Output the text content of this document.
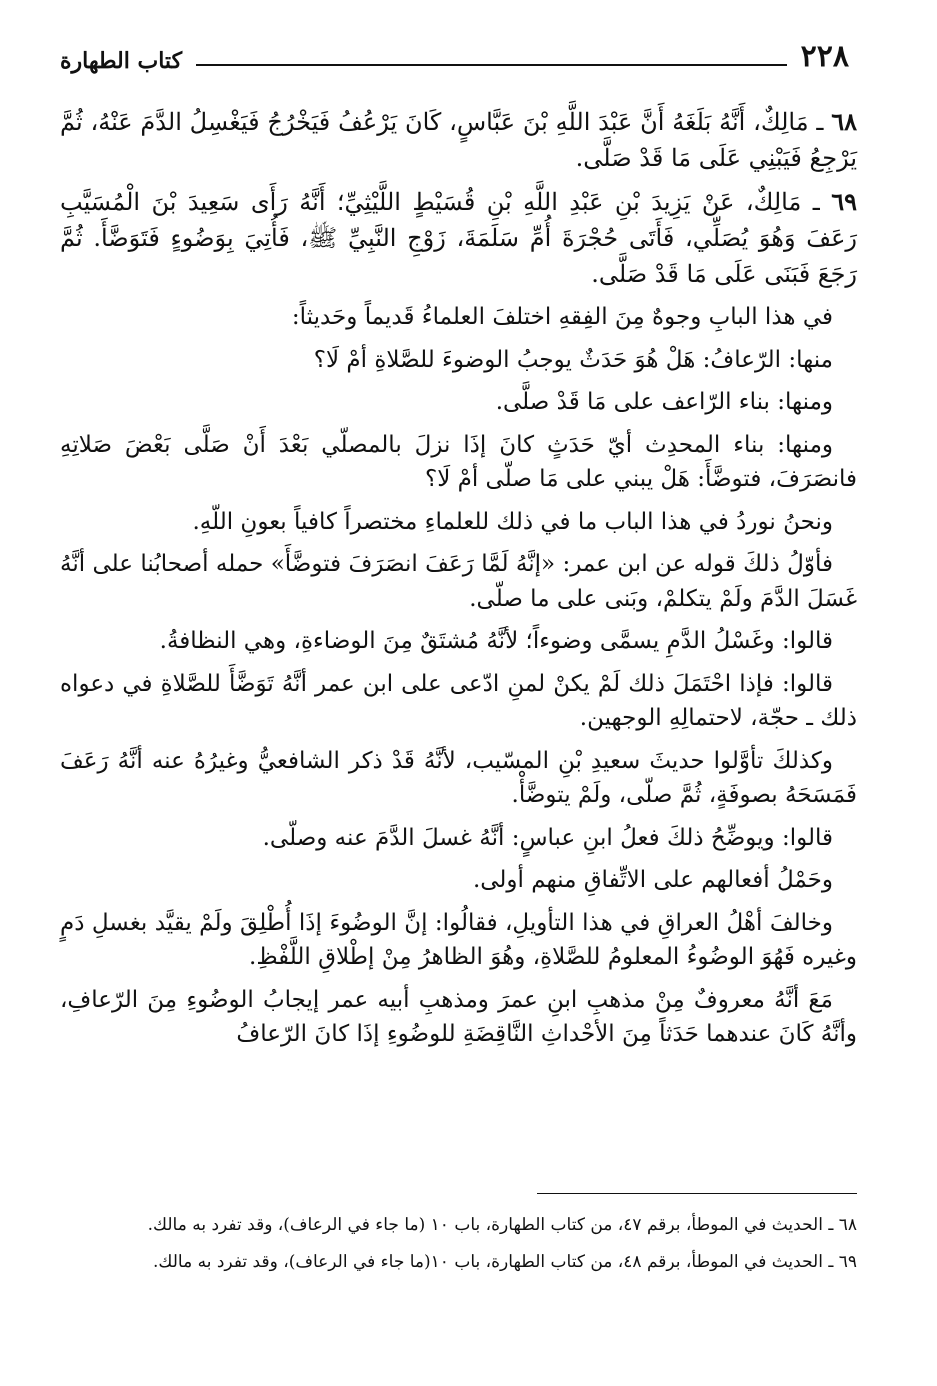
٢٢٨
كتاب الطهارة

٦٨ ـ مَالِكٌ، أَنَّهُ بَلَغَهُ أَنَّ عَبْدَ اللَّهِ بْنَ عَبَّاسٍ، كَانَ يَرْعُفُ فَيَخْرُجُ فَيَغْسِلُ الدَّمَ عَنْهُ، ثُمَّ يَرْجِعُ فَيَبْنِي عَلَى مَا قَدْ صَلَّى.

٦٩ ـ مَالِكٌ، عَنْ يَزِيدَ بْنِ عَبْدِ اللَّهِ بْنِ قُسَيْطٍ اللَّيْثِيِّ؛ أَنَّهُ رَأَى سَعِيدَ بْنَ الْمُسَيَّبِ رَعَفَ وَهُوَ يُصَلِّي، فَأَتَى حُجْرَةَ أُمِّ سَلَمَةَ، زَوْجِ النَّبِيِّ ﷺ، فَأُتِيَ بِوَضُوءٍ فَتَوَضَّأَ. ثُمَّ رَجَعَ فَبَنَى عَلَى مَا قَدْ صَلَّى.

في هذا البابِ وجوهٌ مِنَ الفِقهِ اختلفَ العلماءُ قَديماً وحَديثاً:

منها: الرّعافُ: هَلْ هُوَ حَدَثٌ يوجبُ الوضوءَ للصَّلاةِ أمْ لَا؟

ومنها: بناء الرّاعف على مَا قَدْ صلَّى.

ومنها: بناء المحدِث أيّ حَدَثٍ كانَ إذَا نزلَ بالمصلّي بَعْدَ أَنْ صَلَّى بَعْضَ صَلاتِهِ فانصَرَفَ، فتوضَّأَ: هَلْ يبني على مَا صلّى أمْ لَا؟

ونحنُ نوردُ في هذا الباب ما في ذلك للعلماءِ مختصراً كافياً بعونِ اللّهِ.

فأوّلُ ذلكَ قوله عن ابن عمر: «إنَّهُ لَمَّا رَعَفَ انصَرَفَ فتوضَّأَ» حمله أصحابُنا على أنَّهُ غَسَلَ الدَّمَ ولَمْ يتكلمْ، وبَنى على ما صلّى.

قالوا: وغَسْلُ الدَّمِ يسمَّى وضوءاً؛ لأنَّهُ مُشتَقٌ مِنَ الوضاءةِ، وهي النظافةُ.

قالوا: فإذا احْتَمَلَ ذلك لَمْ يكنْ لمنِ ادّعى على ابن عمر أنَّهُ تَوَضَّأَ للصَّلاةِ في دعواه ذلك ـ حجّة، لاحتمالِهِ الوجهين.

وكذلكَ تأوَّلوا حديثَ سعيدِ بْنِ المسّيب، لأنَّهُ قَدْ ذكر الشافعيُّ وغيرُهُ عنه أنَّهُ رَعَفَ فَمَسَحَهُ بصوفَةٍ، ثُمَّ صلّى، ولَمْ يتوضَّأْ.

قالوا: ويوضِّحُ ذلكَ فعلُ ابنِ عباسٍ: أنَّهُ غسلَ الدَّمَ عنه وصلّى.

وحَمْلُ أفعالهم على الاتِّفاقِ منهم أولى.

وخالفَ أهْلُ العراقِ في هذا التأويلِ، فقالُوا: إنَّ الوضُوءَ إذَا أُطْلِقَ ولَمْ يقيَّد بغسلِ دَمٍ وغيره فَهُوَ الوضُوءُ المعلومُ للصَّلاةِ، وهُوَ الظاهرُ مِنْ إطْلاقِ اللَّفْظِ.

مَعَ أنَّهُ معروفٌ مِنْ مذهبِ ابنِ عمرَ ومذهبِ أبيه عمر إيجابُ الوضُوءِ مِنَ الرّعافِ، وأنَّهُ كَانَ عندهما حَدَثاً مِنَ الأحْداثِ النَّاقِضَةِ للوضُوءِ إذَا كانَ الرّعافُ

٦٨ ـ الحديث في الموطأ، برقم ٤٧، من كتاب الطهارة، باب ١٠ (ما جاء في الرعاف)، وقد تفرد به مالك.

٦٩ ـ الحديث في الموطأ، برقم ٤٨، من كتاب الطهارة، باب ١٠(ما جاء في الرعاف)، وقد تفرد به مالك.
